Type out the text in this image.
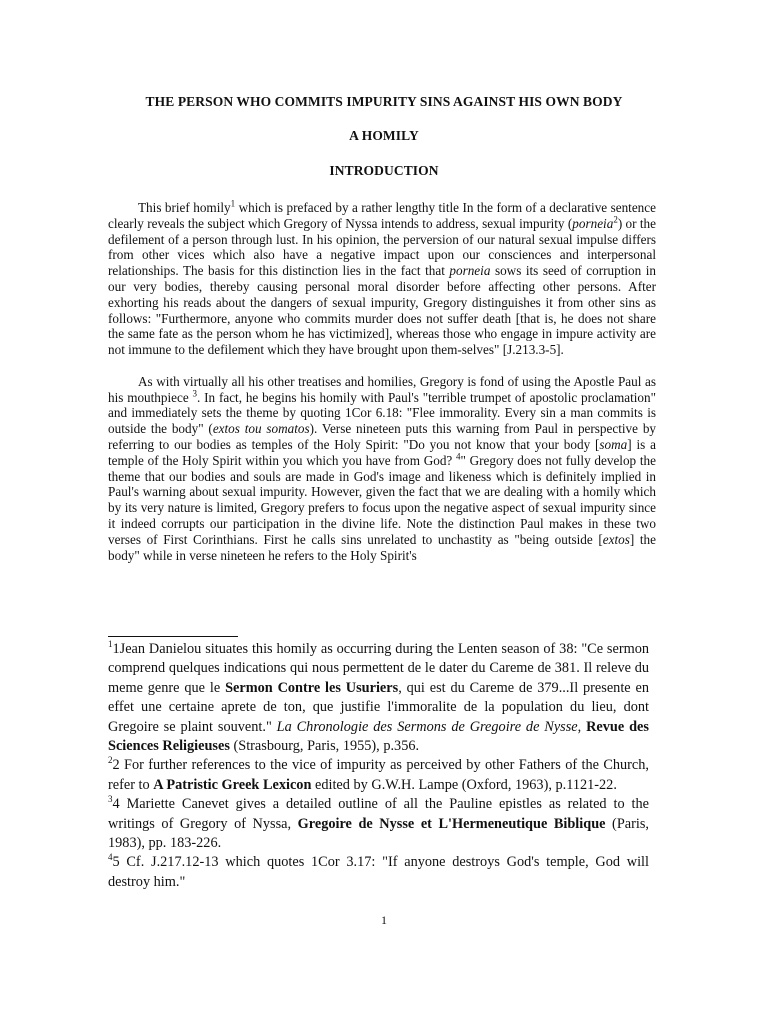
THE PERSON WHO COMMITS IMPURITY SINS AGAINST HIS OWN BODY
A HOMILY
INTRODUCTION

This brief homily$^1$ which is prefaced by a rather lengthy title In the form of a declarative sentence clearly reveals the subject which Gregory of Nyssa intends to address, sexual impurity (porneia$^2$) or the defilement of a person through lust. In his opinion, the perversion of our natural sexual impulse differs from other vices which also have a negative impact upon our consciences and interpersonal relationships. The basis for this distinction lies in the fact that porneia sows its seed of corruption in our very bodies, thereby causing personal moral disorder before affecting other persons. After exhorting his reads about the dangers of sexual impurity, Gregory distinguishes it from other sins as follows: "Furthermore, anyone who commits murder does not suffer death [that is, he does not share the same fate as the person whom he has victimized], whereas those who engage in impure activity are not immune to the defilement which they have brought upon them-selves" [J.213.3-5].

As with virtually all his other treatises and homilies, Gregory is fond of using the Apostle Paul as his mouthpiece $^3$. In fact, he begins his homily with Paul's "terrible trumpet of apostolic proclamation" and immediately sets the theme by quoting 1Cor 6.18: "Flee immorality. Every sin a man commits is outside the body" (extos tou somatos). Verse nineteen puts this warning from Paul in perspective by referring to our bodies as temples of the Holy Spirit: "Do you not know that your body [soma] is a temple of the Holy Spirit within you which you have from God? $^4$" Gregory does not fully develop the theme that our bodies and souls are made in God's image and likeness which is definitely implied in Paul's warning about sexual impurity. However, given the fact that we are dealing with a homily which by its very nature is limited, Gregory prefers to focus upon the negative aspect of sexual impurity since it indeed corrupts our participation in the divine life. Note the distinction Paul makes in these two verses of First Corinthians. First he calls sins unrelated to unchastity as "being outside [extos] the body" while in verse nineteen he refers to the Holy Spirit's

$^1$1Jean Danielou situates this homily as occurring during the Lenten season of 38: "Ce sermon comprend quelques indications qui nous permettent de le dater du Careme de 381. Il releve du meme genre que le Sermon Contre les Usuriers, qui est du Careme de 379...Il presente en effet une certaine aprete de ton, que justifie l'immoralite de la population du lieu, dont Gregoire se plaint souvent." La Chronologie des Sermons de Gregoire de Nysse, Revue des Sciences Religieuses (Strasbourg, Paris, 1955), p.356.

$^2$2 For further references to the vice of impurity as perceived by other Fathers of the Church, refer to A Patristic Greek Lexicon edited by G.W.H. Lampe (Oxford, 1963), p.1121-22.

$^3$4 Mariette Canevet gives a detailed outline of all the Pauline epistles as related to the writings of Gregory of Nyssa, Gregoire de Nysse et L'Hermeneutique Biblique (Paris, 1983), pp. 183-226.

$^4$5 Cf. J.217.12-13 which quotes 1Cor 3.17: "If anyone destroys God's temple, God will destroy him."

1
